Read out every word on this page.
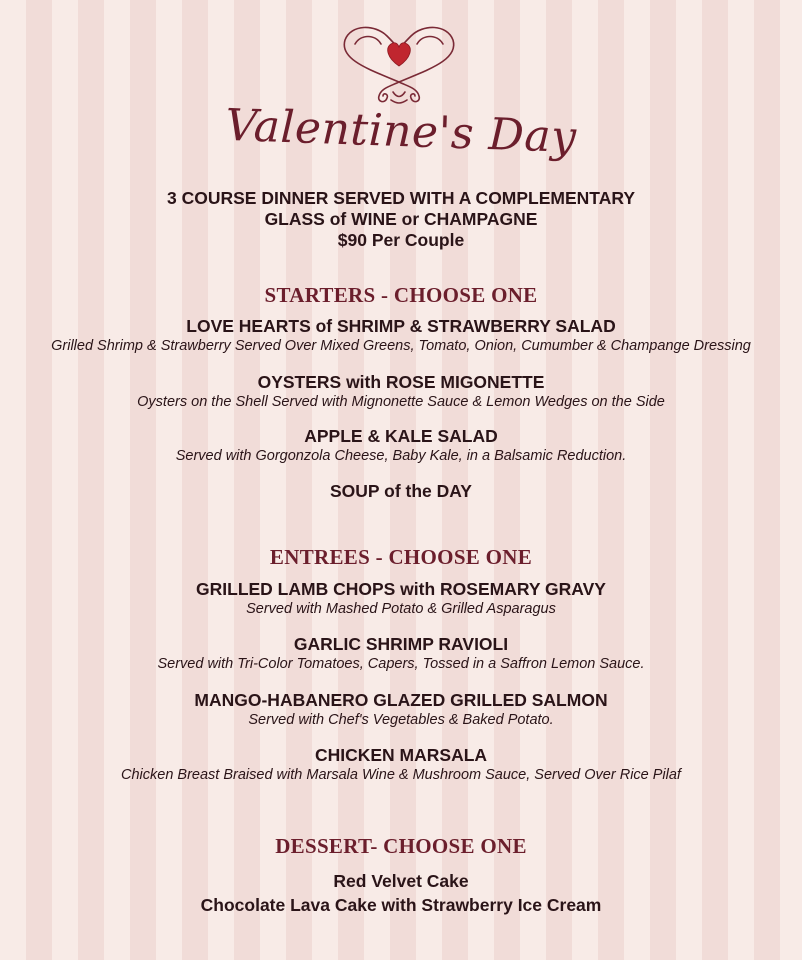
Valentine's Day
3 COURSE DINNER SERVED WITH A COMPLEMENTARY
GLASS of WINE or CHAMPAGNE
$90 Per Couple
STARTERS - CHOOSE ONE
LOVE HEARTS of SHRIMP & STRAWBERRY SALAD
Grilled Shrimp & Strawberry Served Over Mixed Greens, Tomato, Onion, Cumumber & Champange Dressing
OYSTERS with ROSE MIGONETTE
Oysters on the Shell Served with Mignonette Sauce & Lemon Wedges on the Side
APPLE & KALE SALAD
Served with Gorgonzola Cheese, Baby Kale, in a Balsamic Reduction.
SOUP of the DAY
ENTREES - CHOOSE ONE
GRILLED LAMB CHOPS with ROSEMARY GRAVY
Served with Mashed Potato & Grilled Asparagus
GARLIC SHRIMP RAVIOLI
Served with Tri-Color Tomatoes, Capers, Tossed in a Saffron Lemon Sauce.
MANGO-HABANERO GLAZED GRILLED SALMON
Served with Chef's Vegetables & Baked Potato.
CHICKEN MARSALA
Chicken Breast Braised with Marsala Wine & Mushroom Sauce, Served Over Rice Pilaf
DESSERT- CHOOSE ONE
Red Velvet Cake
Chocolate Lava Cake with Strawberry Ice Cream
